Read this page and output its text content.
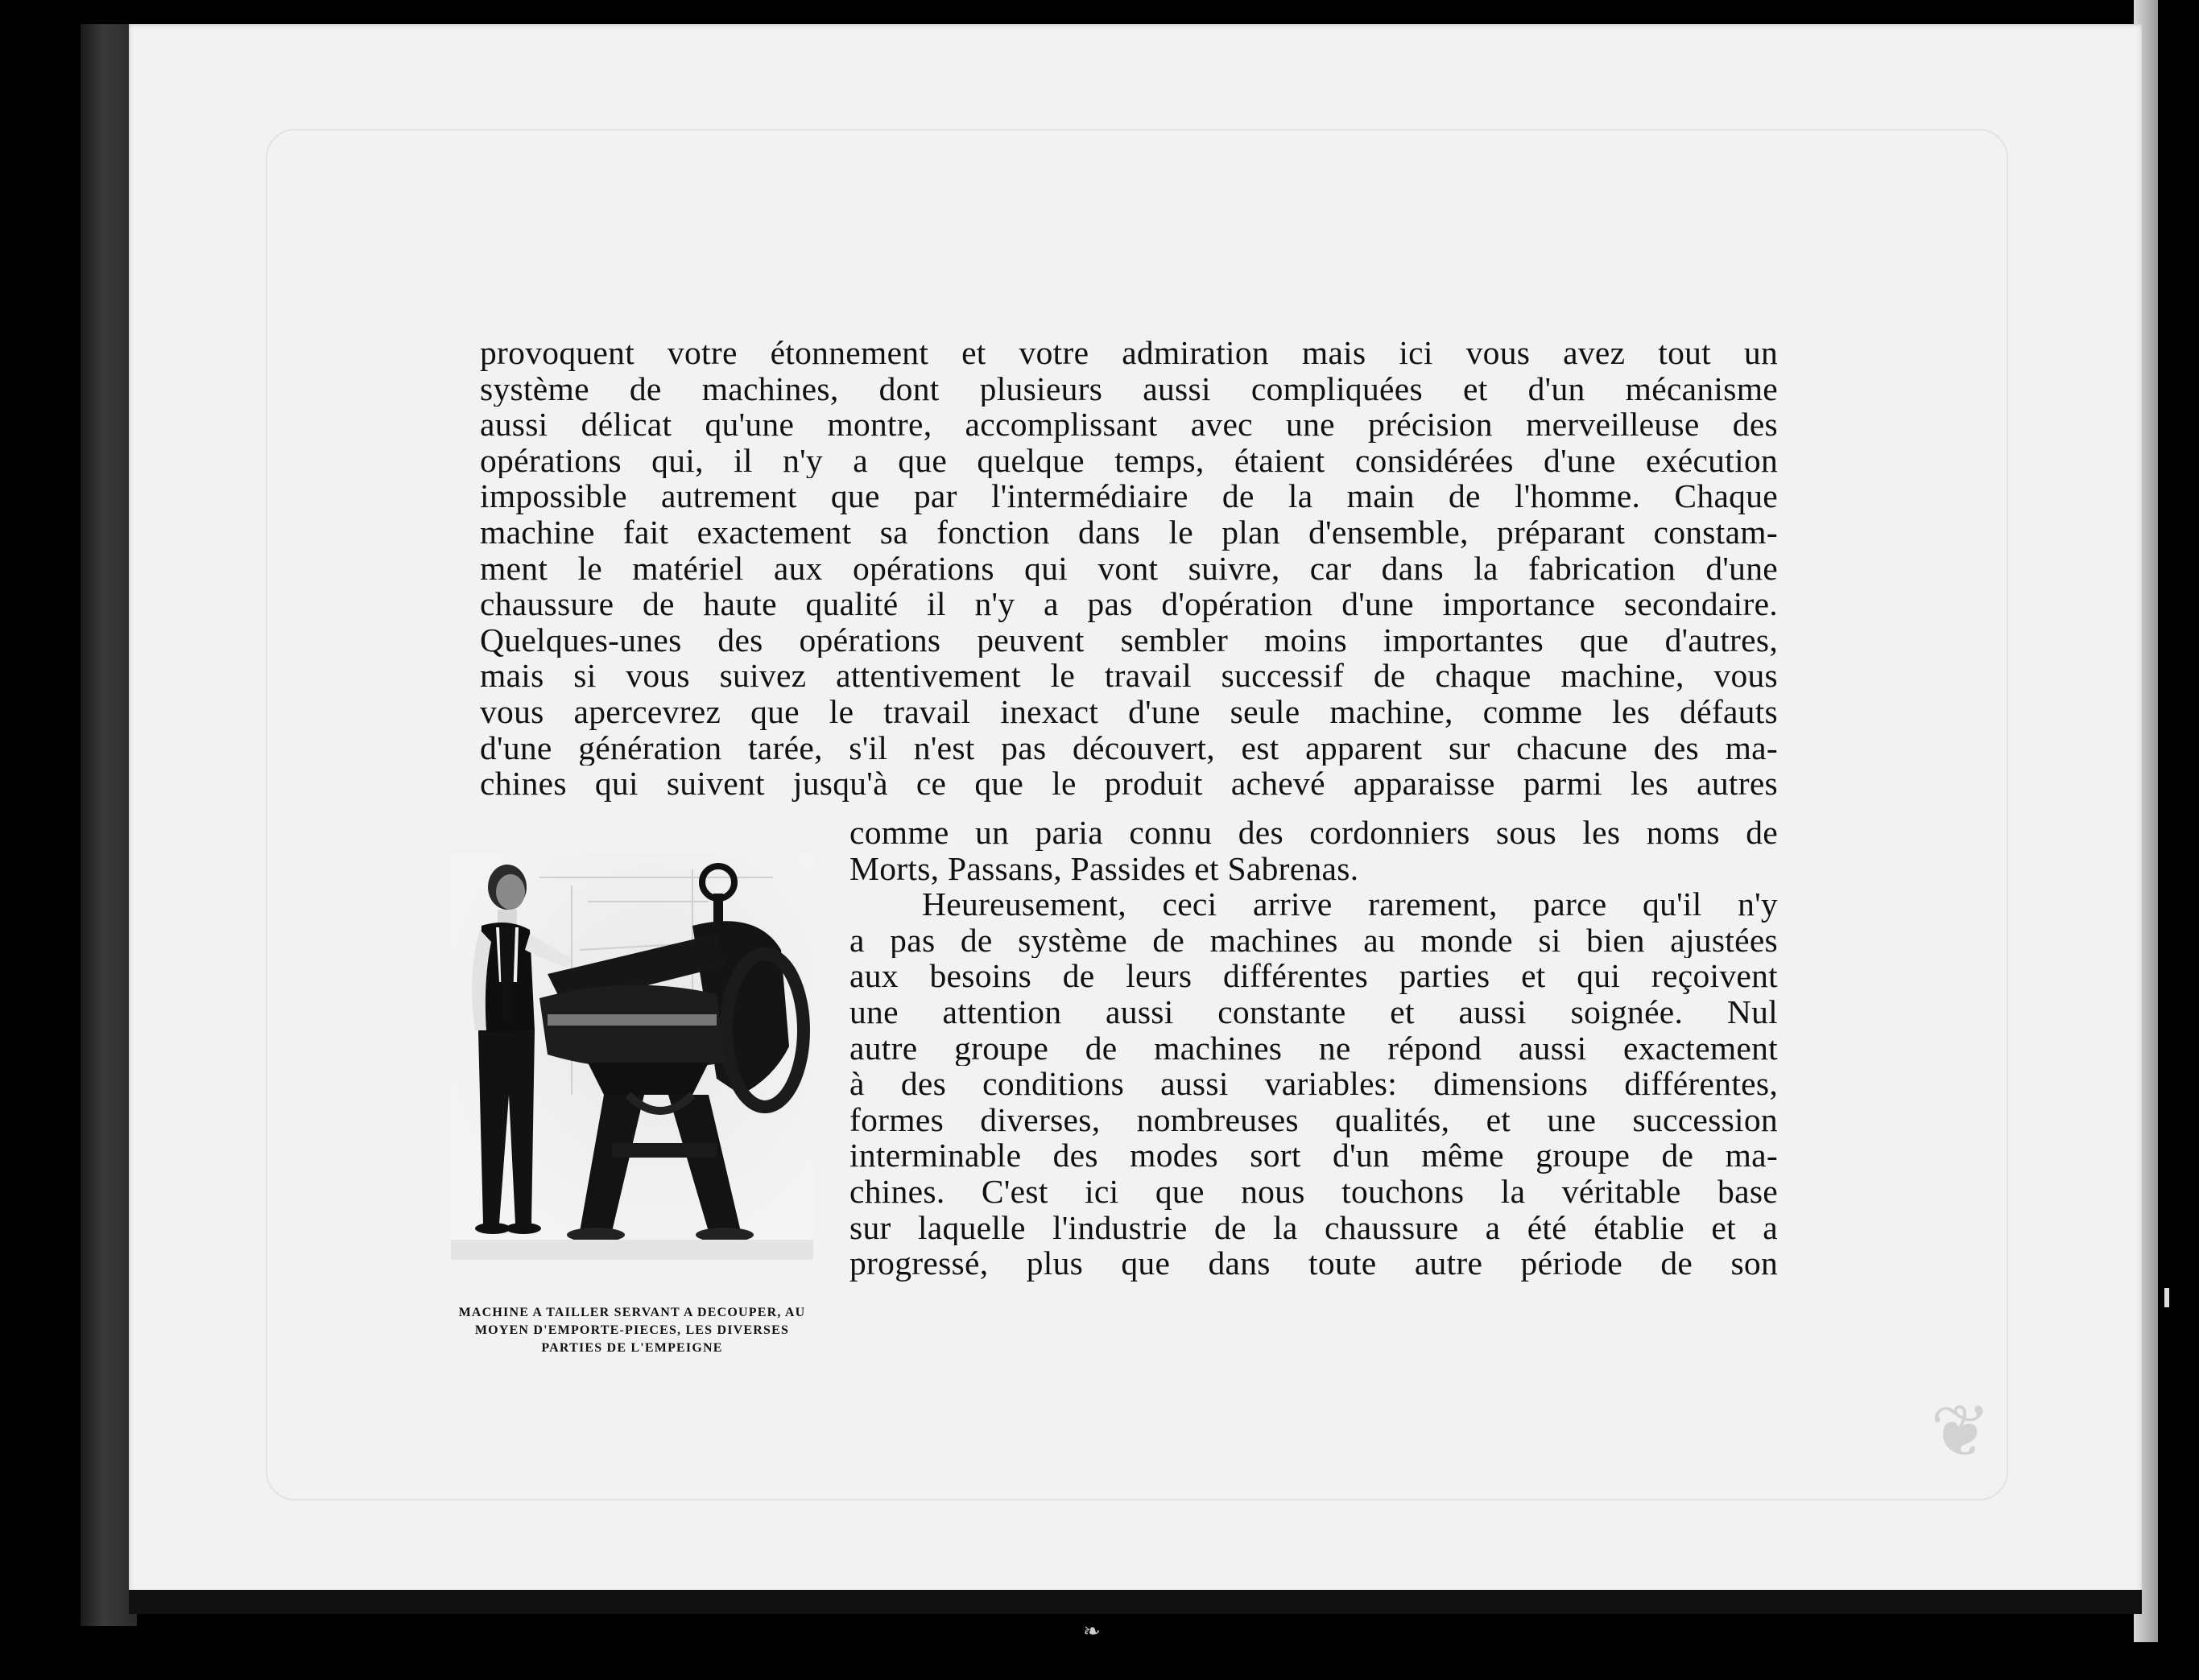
❦
❧
provoquent votre étonnement et votre admiration mais ici vous avez tout un
système de machines, dont plusieurs aussi compliquées et d'un mécanisme
aussi délicat qu'une montre, accomplissant avec une précision merveilleuse des
opérations qui, il n'y a que quelque temps, étaient considérées d'une exécution
impossible autrement que par l'intermédiaire de la main de l'homme. Chaque
machine fait exactement sa fonction dans le plan d'ensemble, préparant constam-
ment le matériel aux opérations qui vont suivre, car dans la fabrication d'une
chaussure de haute qualité il n'y a pas d'opération d'une importance secondaire.
Quelques-unes des opérations peuvent sembler moins importantes que d'autres,
mais si vous suivez attentivement le travail successif de chaque machine, vous
vous apercevrez que le travail inexact d'une seule machine, comme les défauts
d'une génération tarée, s'il n'est pas découvert, est apparent sur chacune des ma-
chines qui suivent jusqu'à ce que le produit achevé apparaisse parmi les autres
comme un paria connu des cordonniers sous les noms de
Morts, Passans, Passides et Sabrenas.
Heureusement, ceci arrive rarement, parce qu'il n'y
a pas de système de machines au monde si bien ajustées
aux besoins de leurs différentes parties et qui reçoivent
une attention aussi constante et aussi soignée. Nul
autre groupe de machines ne répond aussi exactement
à des conditions aussi variables: dimensions différentes,
formes diverses, nombreuses qualités, et une succession
interminable des modes sort d'un même groupe de ma-
chines. C'est ici que nous touchons la véritable base
sur laquelle l'industrie de la chaussure a été établie et a
progressé, plus que dans toute autre période de son
MACHINE A TAILLER SERVANT A DECOUPER, AU
MOYEN D'EMPORTE-PIECES, LES DIVERSES
PARTIES DE L'EMPEIGNE
